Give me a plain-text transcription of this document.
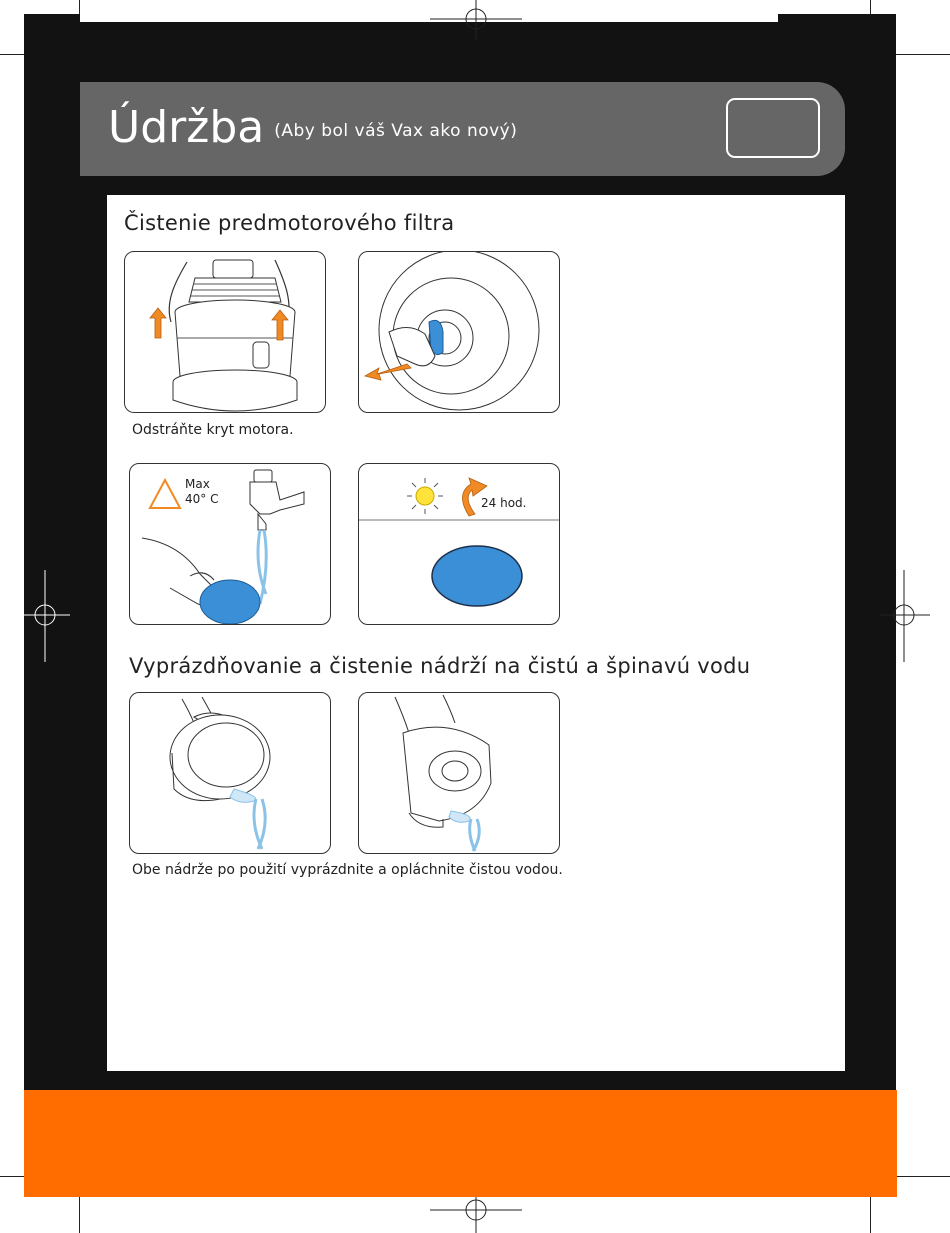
Údržba $^{(Aby bol váš Vax ako nový)}$
Čistenie predmotorového filtra
Odstráňte kryt motora.
Max
40° C	24 hod.
Vyprázdňovanie a čistenie nádrží na čistú a špinavú vodu
Obe nádrže po použití vyprázdnite a opláchnite čistou vodou.
